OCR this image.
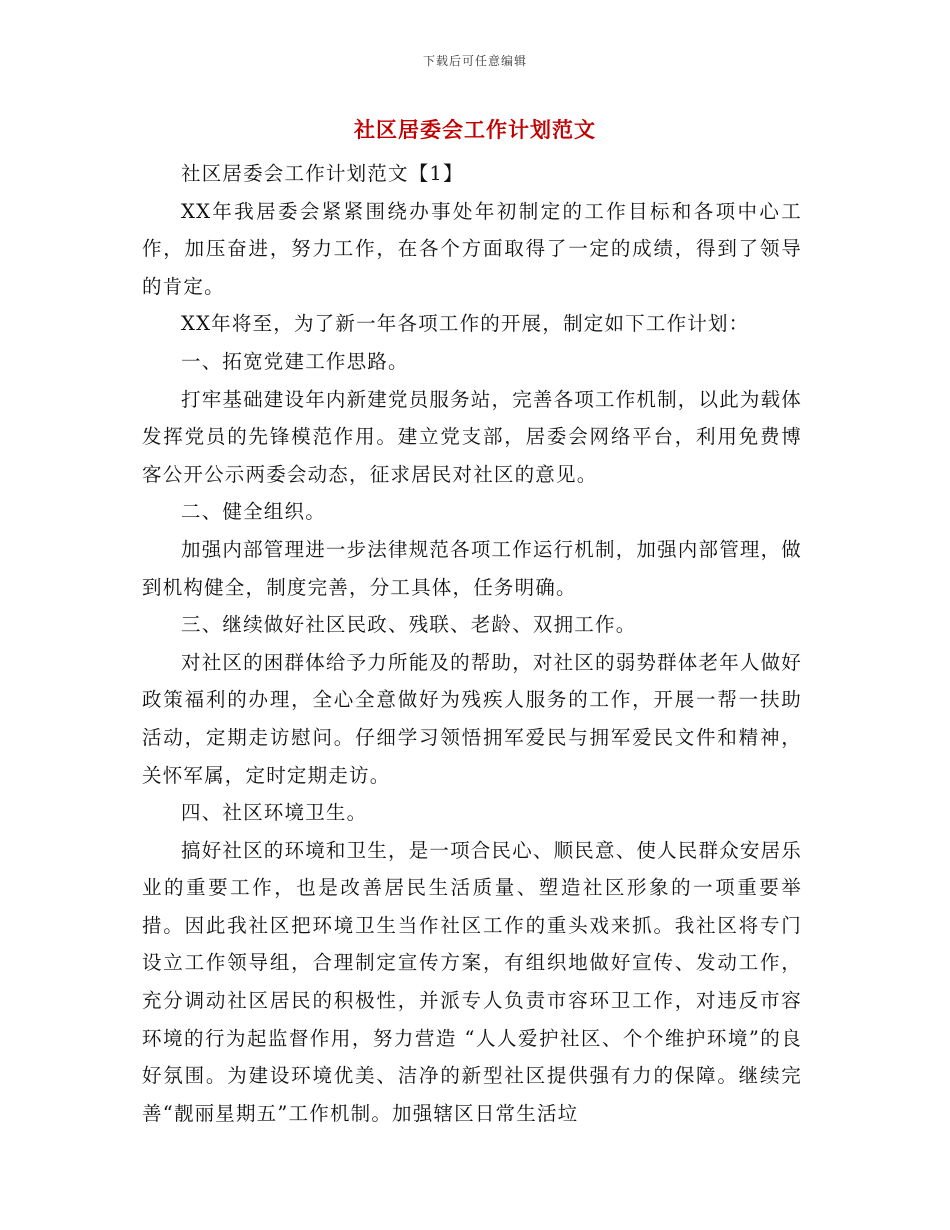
下载后可任意编辑
社区居委会工作计划范文

社区居委会工作计划范文【1】

XX年我居委会紧紧围绕办事处年初制定的工作目标和各项中心工作，加压奋进，努力工作，在各个方面取得了一定的成绩，得到了领导的肯定。

XX年将至，为了新一年各项工作的开展，制定如下工作计划：

一、拓宽党建工作思路。

打牢基础建设年内新建党员服务站，完善各项工作机制，以此为载体发挥党员的先锋模范作用。建立党支部，居委会网络平台，利用免费博客公开公示两委会动态，征求居民对社区的意见。

二、健全组织。

加强内部管理进一步法律规范各项工作运行机制，加强内部管理，做到机构健全，制度完善，分工具体，任务明确。

三、继续做好社区民政、残联、老龄、双拥工作。

对社区的困群体给予力所能及的帮助，对社区的弱势群体老年人做好政策福利的办理，全心全意做好为残疾人服务的工作，开展一帮一扶助活动，定期走访慰问。仔细学习领悟拥军爱民与拥军爱民文件和精神，关怀军属，定时定期走访。

四、社区环境卫生。

搞好社区的环境和卫生，是一项合民心、顺民意、使人民群众安居乐业的重要工作，也是改善居民生活质量、塑造社区形象的一项重要举措。因此我社区把环境卫生当作社区工作的重头戏来抓。我社区将专门设立工作领导组，合理制定宣传方案，有组织地做好宣传、发动工作，充分调动社区居民的积极性，并派专人负责市容环卫工作，对违反市容环境的行为起监督作用，努力营造 “人人爱护社区、个个维护环境”的良好氛围。为建设环境优美、洁净的新型社区提供强有力的保障。继续完善“靓丽星期五”工作机制。加强辖区日常生活垃
